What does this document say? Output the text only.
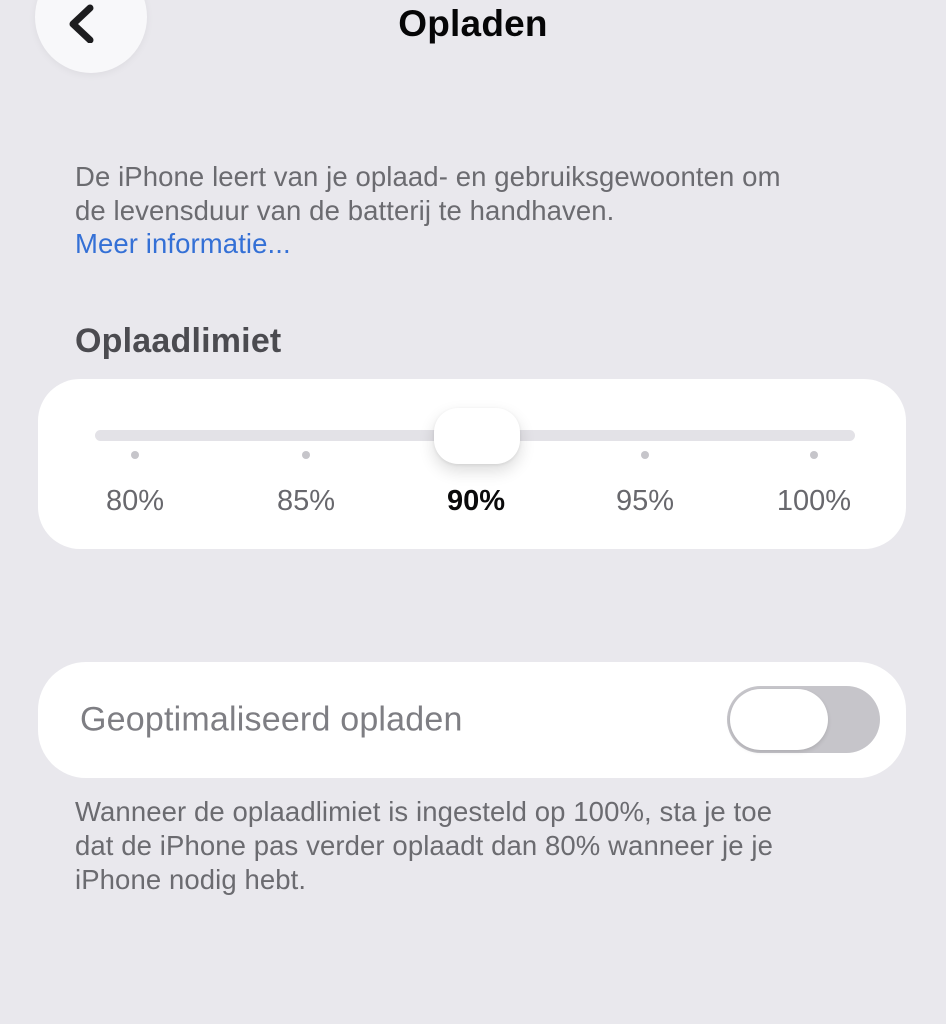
Opladen
De iPhone leert van je oplaad- en gebruiksgewoonten om
de levensduur van de batterij te handhaven.
Meer informatie...
Oplaadlimiet
80%	85%	90%	95%	100%
Geoptimaliseerd opladen
Wanneer de oplaadlimiet is ingesteld op 100%, sta je toe
dat de iPhone pas verder oplaadt dan 80% wanneer je je
iPhone nodig hebt.
